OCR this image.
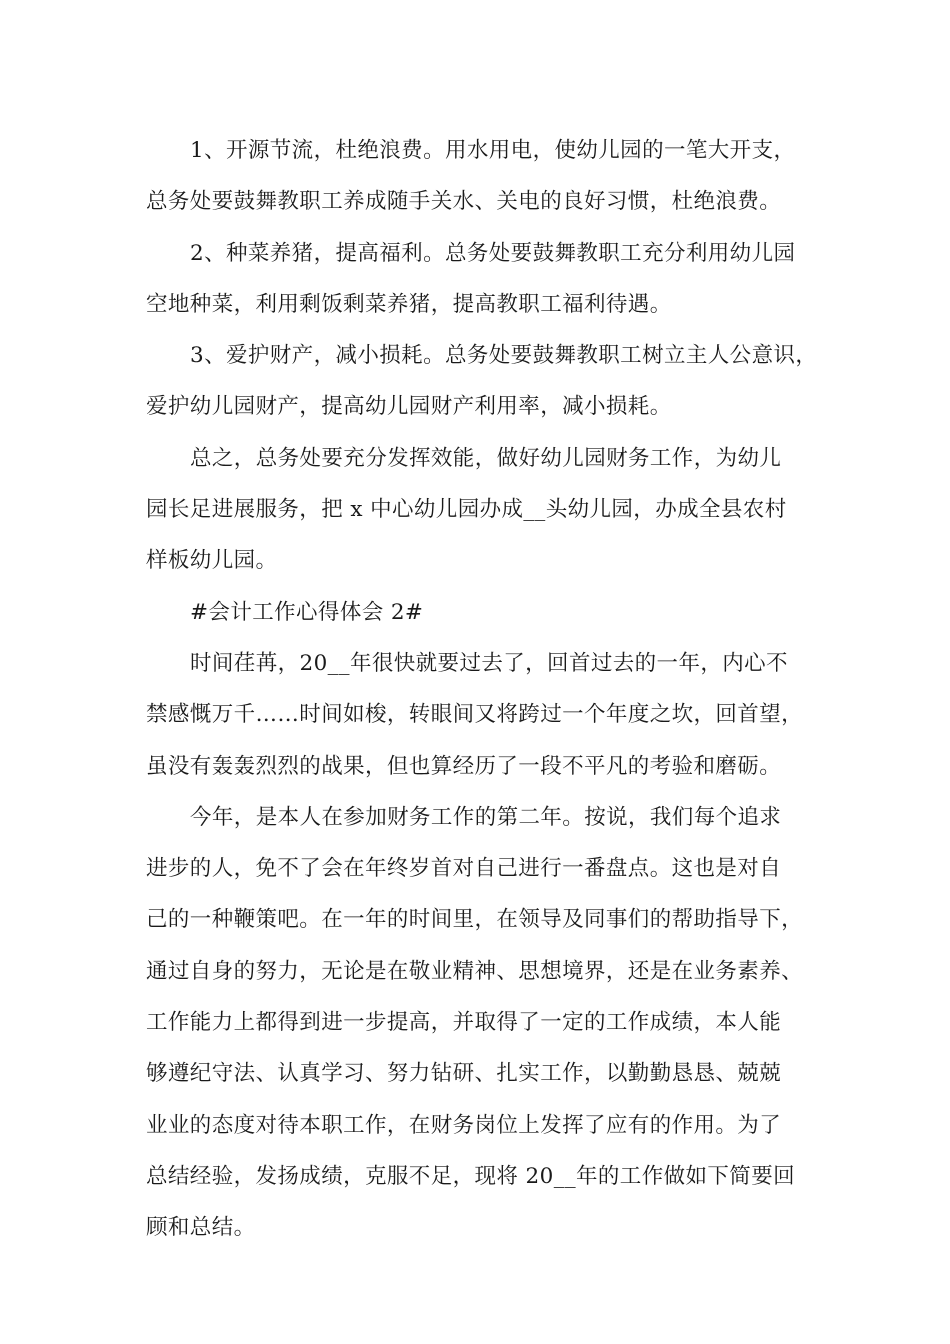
1、开源节流，杜绝浪费。用水用电，使幼儿园的一笔大开支，
总务处要鼓舞教职工养成随手关水、关电的良好习惯，杜绝浪费。
2、种菜养猪，提高福利。总务处要鼓舞教职工充分利用幼儿园
空地种菜，利用剩饭剩菜养猪，提高教职工福利待遇。
3、爱护财产，减小损耗。总务处要鼓舞教职工树立主人公意识，
爱护幼儿园财产，提高幼儿园财产利用率，减小损耗。
总之，总务处要充分发挥效能，做好幼儿园财务工作，为幼儿
园长足进展服务，把 x 中心幼儿园办成__头幼儿园，办成全县农村
样板幼儿园。
#会计工作心得体会 2#
时间荏苒，20__年很快就要过去了，回首过去的一年，内心不
禁感慨万千……时间如梭，转眼间又将跨过一个年度之坎，回首望，
虽没有轰轰烈烈的战果，但也算经历了一段不平凡的考验和磨砺。
今年，是本人在参加财务工作的第二年。按说，我们每个追求
进步的人，免不了会在年终岁首对自己进行一番盘点。这也是对自
己的一种鞭策吧。在一年的时间里，在领导及同事们的帮助指导下，
通过自身的努力，无论是在敬业精神、思想境界，还是在业务素养、
工作能力上都得到进一步提高，并取得了一定的工作成绩，本人能
够遵纪守法、认真学习、努力钻研、扎实工作，以勤勤恳恳、兢兢
业业的态度对待本职工作，在财务岗位上发挥了应有的作用。为了
总结经验，发扬成绩，克服不足，现将 20__年的工作做如下简要回
顾和总结。
